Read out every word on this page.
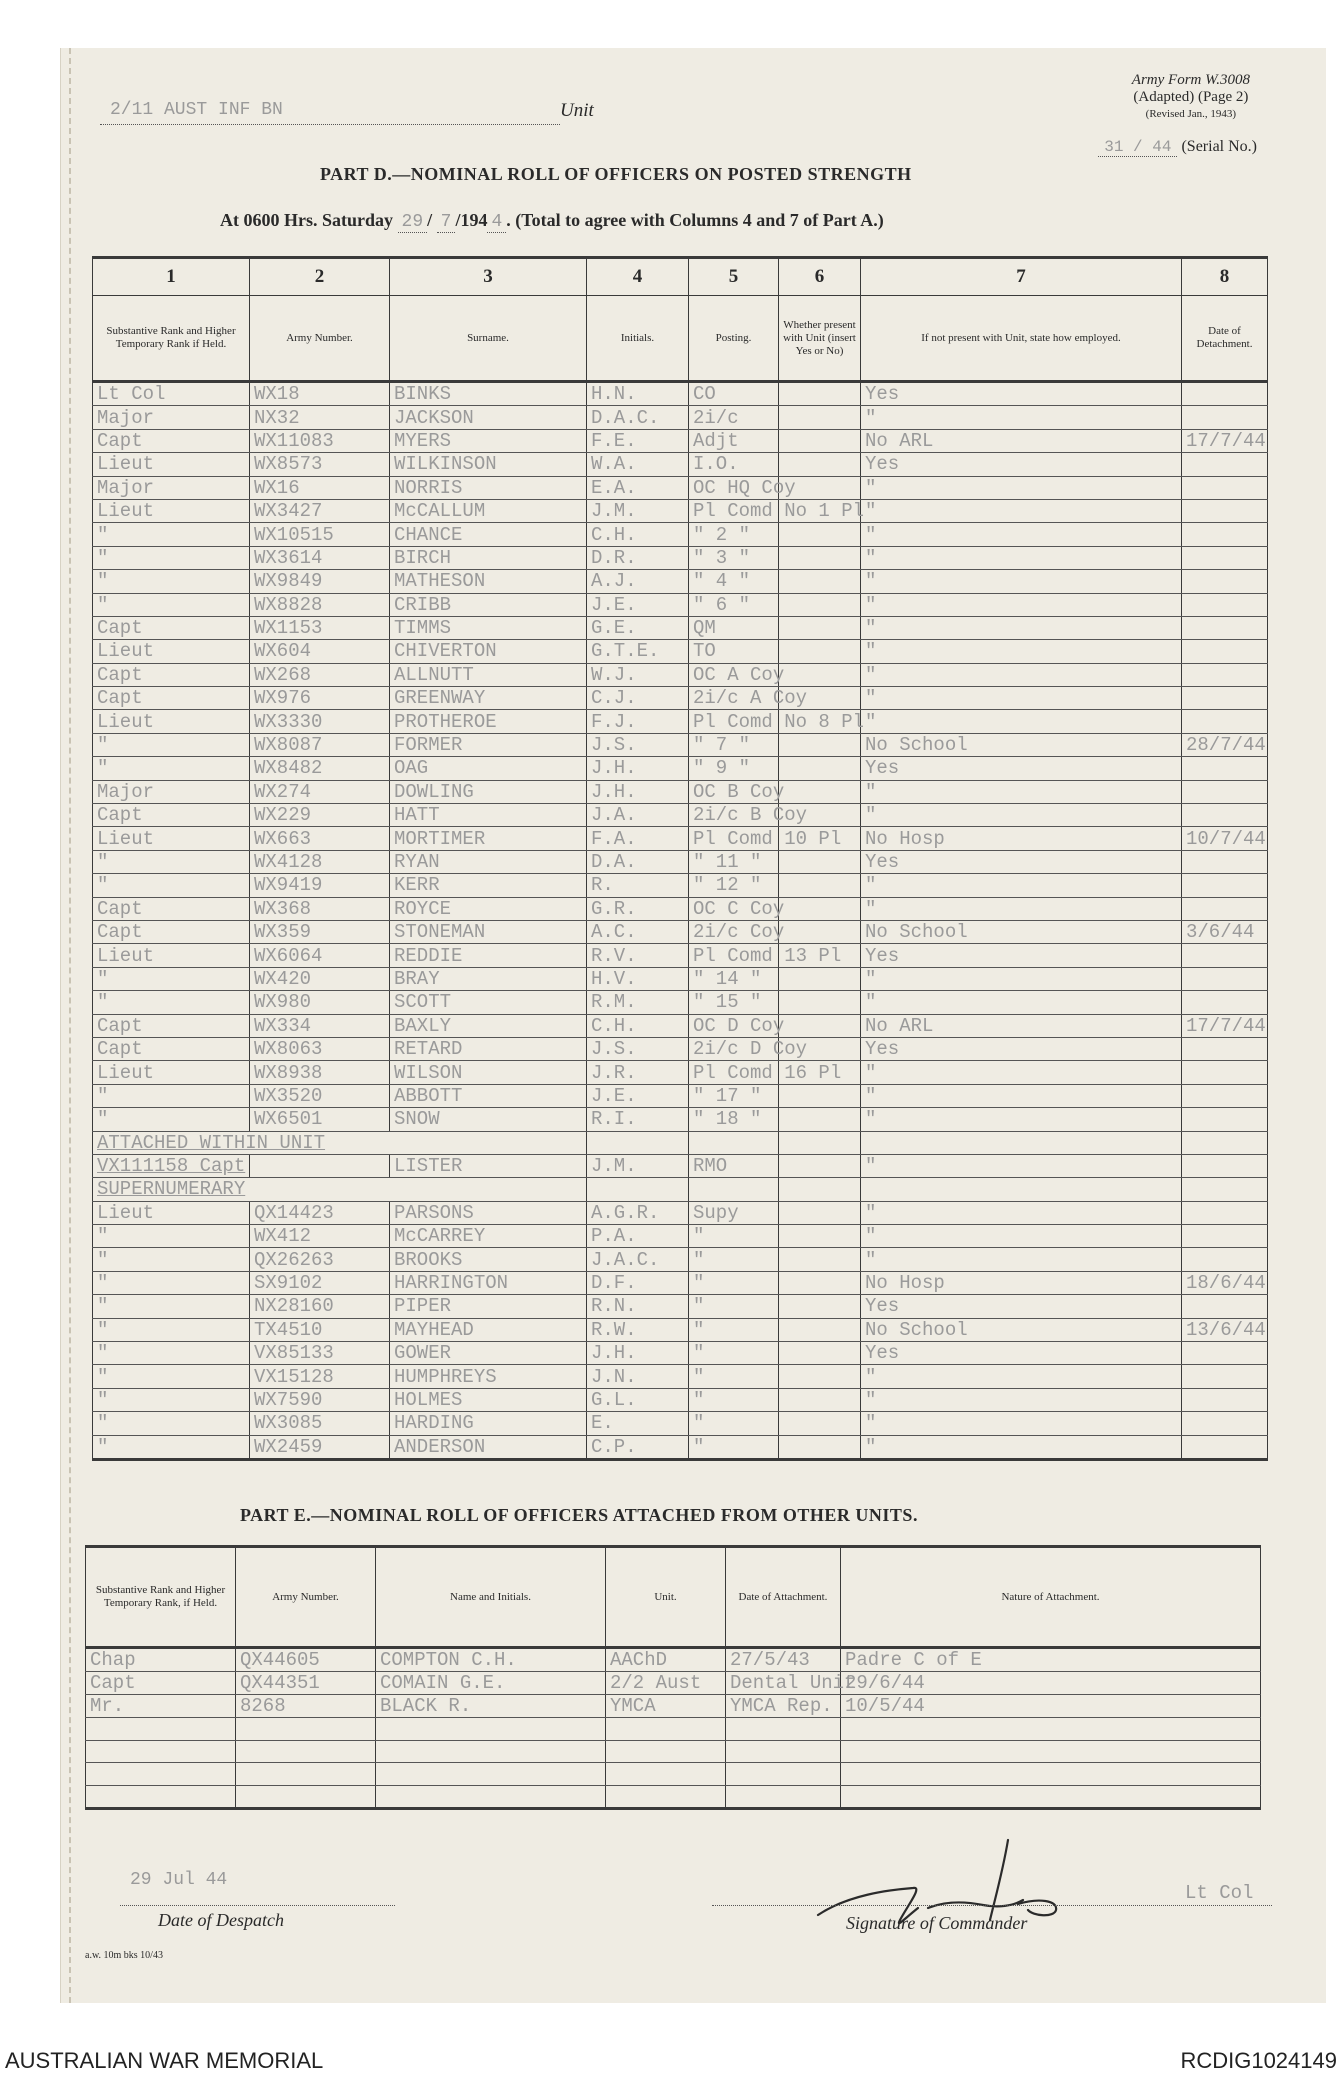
2/11 AUST INF BN	Unit
Army Form W.3008
(Adapted) (Page 2)
(Revised Jan., 1943)
31 / 44 (Serial No.)
PART D.—NOMINAL ROLL OF OFFICERS ON POSTED STRENGTH
At 0600 Hrs. Saturday 29 / 7 /194 4 . (Total to agree with Columns 4 and 7 of Part A.)
1	2	3	4	5	6	7	8
Substantive Rank and Higher Temporary Rank if Held.	Army Number.	Surname.	Initials.	Posting.	Whether present with Unit (insert Yes or No)	If not present with Unit, state how employed.	Date of Detachment.
Lt Col	WX18	BINKS	H.N.	CO		Yes	
Major	NX32	JACKSON	D.A.C.	2i/c		"	
Capt	WX11083	MYERS	F.E.	Adjt		No ARL	17/7/44
Lieut	WX8573	WILKINSON	W.A.	I.O.		Yes	
Major	WX16	NORRIS	E.A.	OC HQ Coy		"	
Lieut	WX3427	McCALLUM	J.M.	Pl Comd No 1 Pl		"	
"	WX10515	CHANCE	C.H.	" 2 "		"	
"	WX3614	BIRCH	D.R.	" 3 "		"	
"	WX9849	MATHESON	A.J.	" 4 "		"	
"	WX8828	CRIBB	J.E.	" 6 "		"	
Capt	WX1153	TIMMS	G.E.	QM		"	
Lieut	WX604	CHIVERTON	G.T.E.	TO		"	
Capt	WX268	ALLNUTT	W.J.	OC A Coy		"	
Capt	WX976	GREENWAY	C.J.	2i/c A Coy		"	
Lieut	WX3330	PROTHEROE	F.J.	Pl Comd No 8 Pl		"	
"	WX8087	FORMER	J.S.	" 7 "		No School	28/7/44
"	WX8482	OAG	J.H.	" 9 "		Yes	
Major	WX274	DOWLING	J.H.	OC B Coy		"	
Capt	WX229	HATT	J.A.	2i/c B Coy		"	
Lieut	WX663	MORTIMER	F.A.	Pl Comd 10 Pl		No Hosp	10/7/44
"	WX4128	RYAN	D.A.	" 11 "		Yes	
"	WX9419	KERR	R.	" 12 "		"	
Capt	WX368	ROYCE	G.R.	OC C Coy		"	
Capt	WX359	STONEMAN	A.C.	2i/c Coy		No School	3/6/44
Lieut	WX6064	REDDIE	R.V.	Pl Comd 13 Pl		Yes	
"	WX420	BRAY	H.V.	" 14 "		"	
"	WX980	SCOTT	R.M.	" 15 "		"	
Capt	WX334	BAXLY	C.H.	OC D Coy		No ARL	17/7/44
Capt	WX8063	RETARD	J.S.	2i/c D Coy		Yes	
Lieut	WX8938	WILSON	J.R.	Pl Comd 16 Pl		"	
"	WX3520	ABBOTT	J.E.	" 17 "		"	
"	WX6501	SNOW	R.I.	" 18 "		"	
ATTACHED WITHIN UNIT							
VX111158 Capt		LISTER	J.M.	RMO		"	
SUPERNUMERARY							
Lieut	QX14423	PARSONS	A.G.R.	Supy		"	
"	WX412	McCARREY	P.A.	"		"	
"	QX26263	BROOKS	J.A.C.	"		"	
"	SX9102	HARRINGTON	D.F.	"		No Hosp	18/6/44
"	NX28160	PIPER	R.N.	"		Yes	
"	TX4510	MAYHEAD	R.W.	"		No School	13/6/44
"	VX85133	GOWER	J.H.	"		Yes	
"	VX15128	HUMPHREYS	J.N.	"		"	
"	WX7590	HOLMES	G.L.	"		"	
"	WX3085	HARDING	E.	"		"	
"	WX2459	ANDERSON	C.P.	"		"	
PART E.—NOMINAL ROLL OF OFFICERS ATTACHED FROM OTHER UNITS.
Substantive Rank and Higher Temporary Rank, if Held.	Army Number.	Name and Initials.	Unit.	Date of Attachment.	Nature of Attachment.
Chap	QX44605	COMPTON C.H.	AAChD	27/5/43	Padre C of E
Capt	QX44351	COMAIN G.E.	2/2 Aust	Dental Unit	29/6/44
Mr.	8268	BLACK R.	YMCA	YMCA Rep.	10/5/44

29 Jul 44
Date of Despatch	Signature of Commander
Lt Col
a.w. 10m bks 10/43
AUSTRALIAN WAR MEMORIAL	RCDIG1024149
